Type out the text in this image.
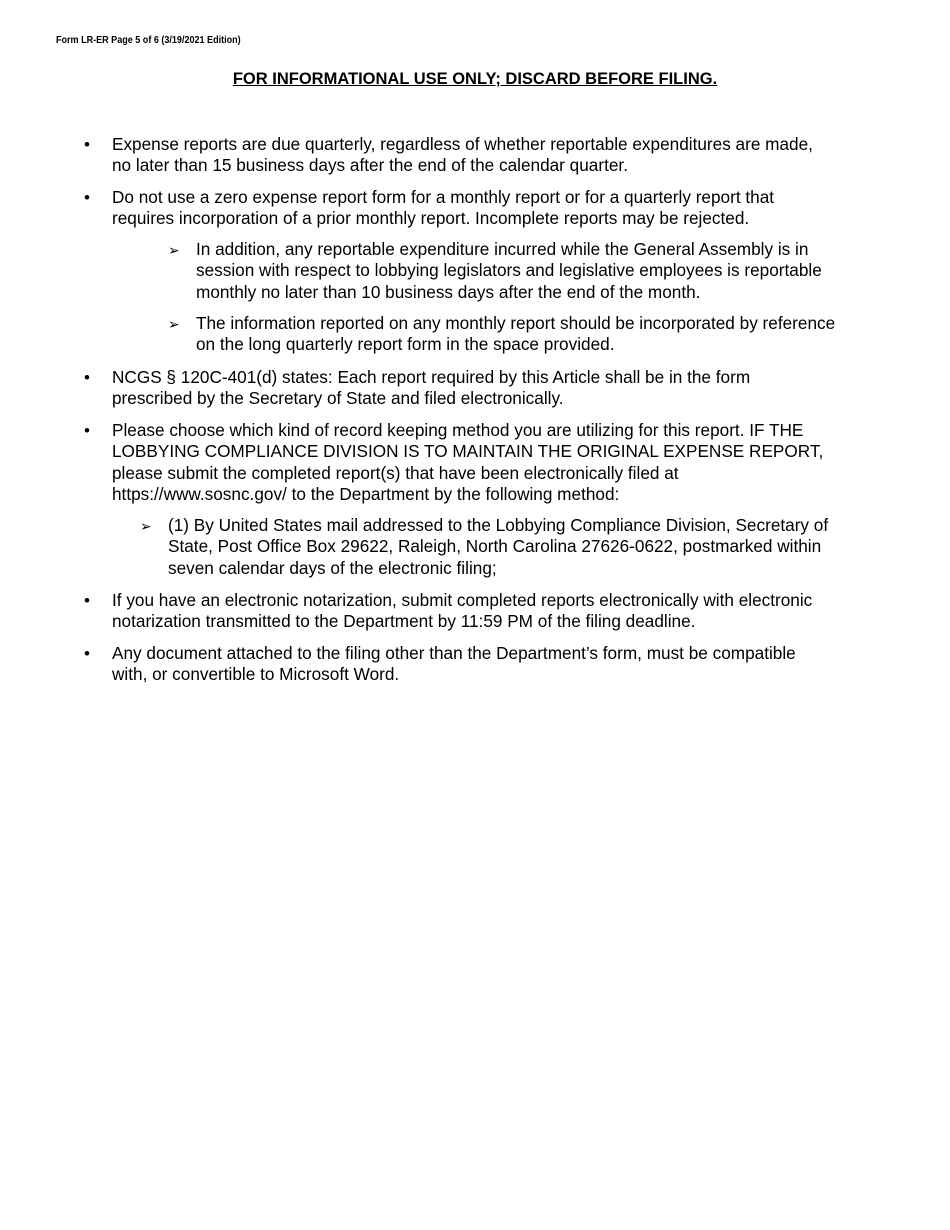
Form LR-ER Page 5 of 6 (3/19/2021 Edition)
FOR INFORMATIONAL USE ONLY; DISCARD BEFORE FILING.
• Expense reports are due quarterly, regardless of whether reportable expenditures are made,
no later than 15 business days after the end of the calendar quarter.
• Do not use a zero expense report form for a monthly report or for a quarterly report that
requires incorporation of a prior monthly report. Incomplete reports may be rejected.
➢ In addition, any reportable expenditure incurred while the General Assembly is in
session with respect to lobbying legislators and legislative employees is reportable
monthly no later than 10 business days after the end of the month.
➢ The information reported on any monthly report should be incorporated by reference
on the long quarterly report form in the space provided.
• NCGS § 120C-401(d) states: Each report required by this Article shall be in the form
prescribed by the Secretary of State and filed electronically.
• Please choose which kind of record keeping method you are utilizing for this report. IF THE
LOBBYING COMPLIANCE DIVISION IS TO MAINTAIN THE ORIGINAL EXPENSE REPORT,
please submit the completed report(s) that have been electronically filed at
https://www.sosnc.gov/ to the Department by the following method:
➢ (1) By United States mail addressed to the Lobbying Compliance Division, Secretary of
State, Post Office Box 29622, Raleigh, North Carolina 27626-0622, postmarked within
seven calendar days of the electronic filing;
• If you have an electronic notarization, submit completed reports electronically with electronic
notarization transmitted to the Department by 11:59 PM of the filing deadline.
• Any document attached to the filing other than the Department’s form, must be compatible
with, or convertible to Microsoft Word.
